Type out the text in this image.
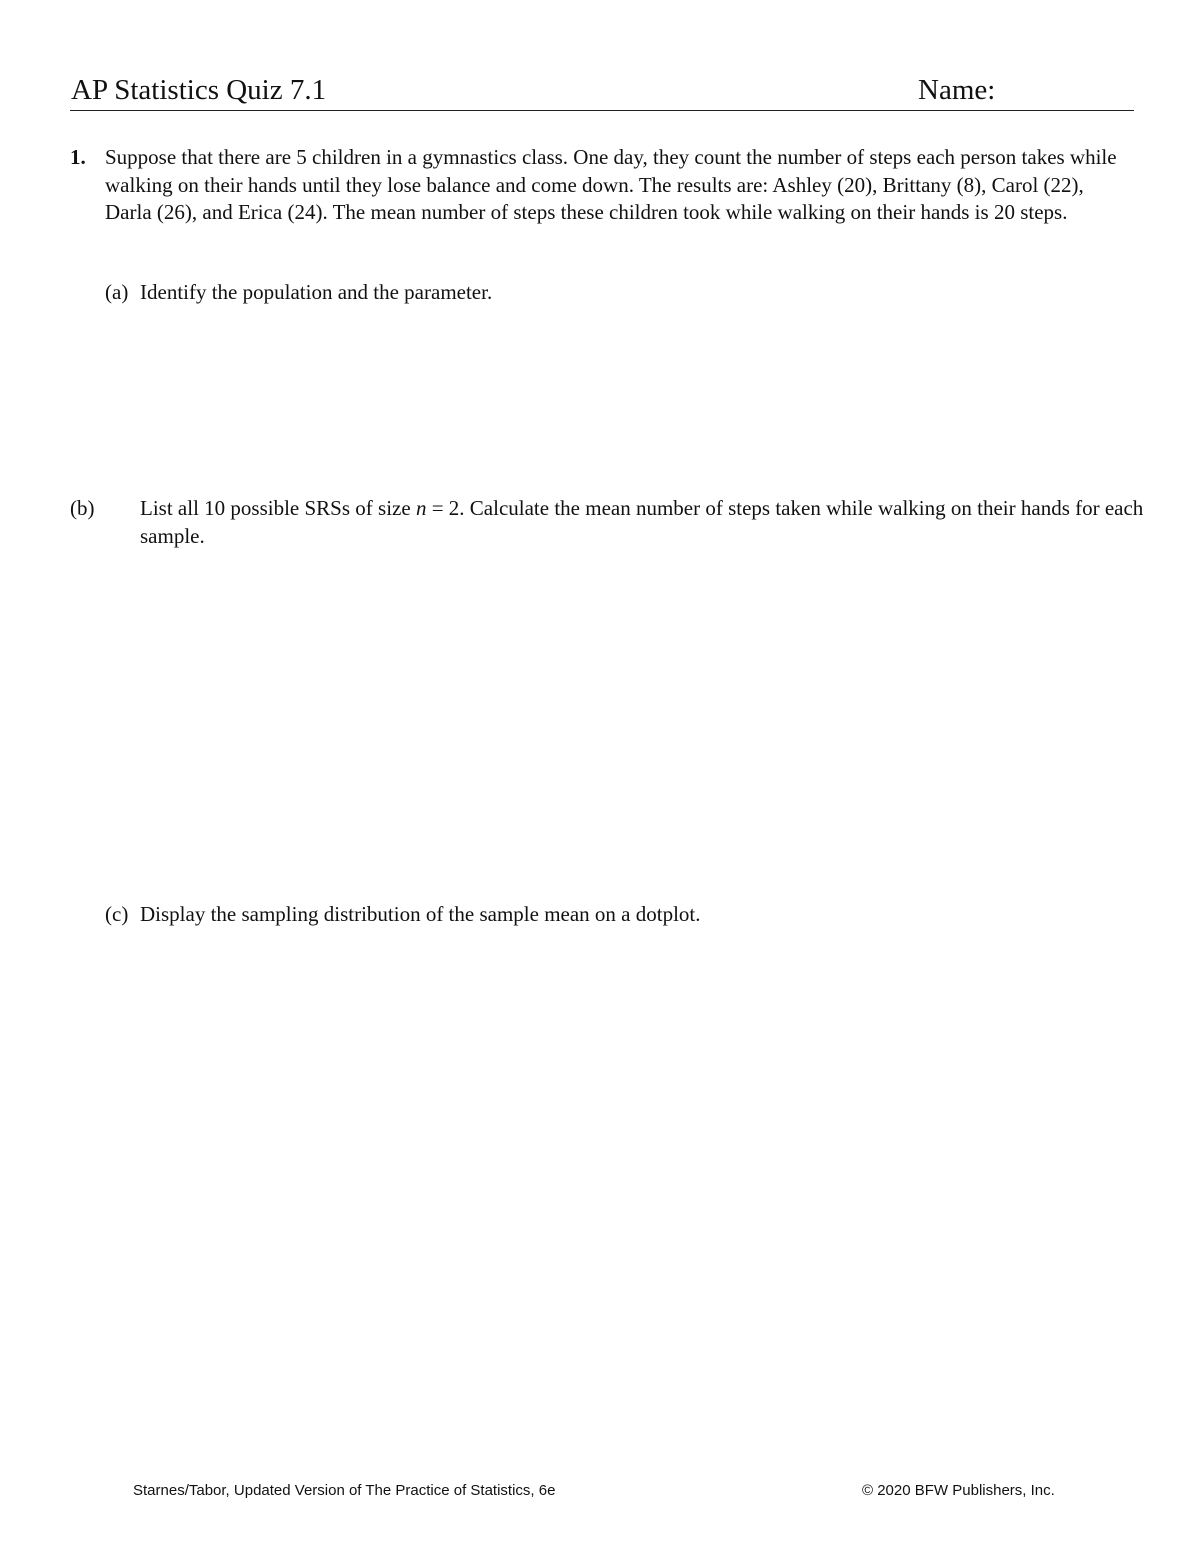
AP Statistics Quiz 7.1	Name:
1. Suppose that there are 5 children in a gymnastics class. One day, they count the number of steps each person takes while walking on their hands until they lose balance and come down. The results are: Ashley (20), Brittany (8), Carol (22), Darla (26), and Erica (24). The mean number of steps these children took while walking on their hands is 20 steps.
(a) Identify the population and the parameter.
(b) List all 10 possible SRSs of size n = 2. Calculate the mean number of steps taken while walking on their hands for each sample.
(c) Display the sampling distribution of the sample mean on a dotplot.
Starnes/Tabor, Updated Version of The Practice of Statistics, 6e	© 2020 BFW Publishers, Inc.
